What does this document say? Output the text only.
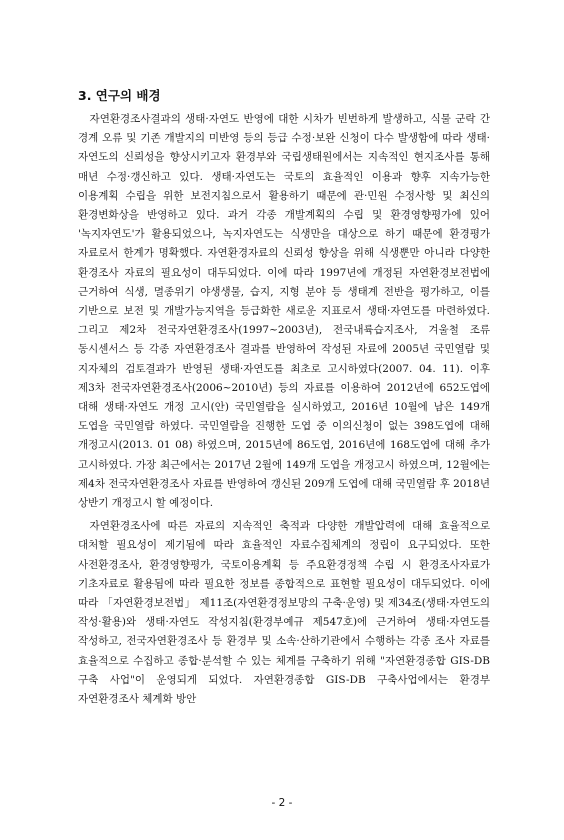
3. 연구의 배경

자연환경조사결과의 생태·자연도 반영에 대한 시차가 빈번하게 발생하고, 식물 군락 간 경계 오류 및 기존 개발지의 미반영 등의 등급 수정·보완 신청이 다수 발생함에 따라 생태·자연도의 신뢰성을 향상시키고자 환경부와 국립생태원에서는 지속적인 현지조사를 통해 매년 수정·갱신하고 있다. 생태·자연도는 국토의 효율적인 이용과 향후 지속가능한 이용계획 수립을 위한 보전지침으로서 활용하기 때문에 관·민원 수정사항 및 최신의 환경변화상을 반영하고 있다. 과거 각종 개발계획의 수립 및 환경영향평가에 있어 '녹지자연도'가 활용되었으나, 녹지자연도는 식생만을 대상으로 하기 때문에 환경평가 자료로서 한계가 명확했다. 자연환경자료의 신뢰성 향상을 위해 식생뿐만 아니라 다양한 환경조사 자료의 필요성이 대두되었다. 이에 따라 1997년에 개정된 자연환경보전법에 근거하여 식생, 멸종위기 야생생물, 습지, 지형 분야 등 생태계 전반을 평가하고, 이를 기반으로 보전 및 개발가능지역을 등급화한 새로운 지표로서 생태·자연도를 마련하였다. 그리고 제2차 전국자연환경조사(1997~2003년), 전국내륙습지조사, 겨울철 조류 동시센서스 등 각종 자연환경조사 결과를 반영하여 작성된 자료에 2005년 국민열람 및 지자체의 검토결과가 반영된 생태·자연도를 최초로 고시하였다(2007. 04. 11). 이후 제3차 전국자연환경조사(2006~2010년) 등의 자료를 이용하여 2012년에 652도엽에 대해 생태·자연도 개정 고시(안) 국민열람을 실시하였고, 2016년 10월에 남은 149개 도엽을 국민열람 하였다. 국민열람을 진행한 도엽 중 이의신청이 없는 398도엽에 대해 개정고시(2013. 01 08) 하였으며, 2015년에 86도엽, 2016년에 168도엽에 대해 추가 고시하였다. 가장 최근에서는 2017년 2월에 149개 도엽을 개정고시 하였으며, 12월에는 제4차 전국자연환경조사 자료를 반영하여 갱신된 209개 도엽에 대해 국민열람 후 2018년 상반기 개정고시 할 예정이다.

자연환경조사에 따른 자료의 지속적인 축적과 다양한 개발압력에 대해 효율적으로 대처할 필요성이 제기됨에 따라 효율적인 자료수집체계의 정립이 요구되었다. 또한 사전환경조사, 환경영향평가, 국토이용계획 등 주요환경정책 수립 시 환경조사자료가 기초자료로 활용됨에 따라 필요한 정보를 종합적으로 표현할 필요성이 대두되었다. 이에 따라 「자연환경보전법」 제11조(자연환경정보망의 구축·운영) 및 제34조(생태·자연도의 작성·활용)와 생태·자연도 작성지침(환경부예규 제547호)에 근거하여 생태·자연도를 작성하고, 전국자연환경조사 등 환경부 및 소속·산하기관에서 수행하는 각종 조사 자료를 효율적으로 수집하고 종합·분석할 수 있는 체계를 구축하기 위해 "자연환경종합 GIS-DB 구축 사업"이 운영되게 되었다. 자연환경종합 GIS-DB 구축사업에서는 환경부 자연환경조사 체계화 방안

- 2 -
